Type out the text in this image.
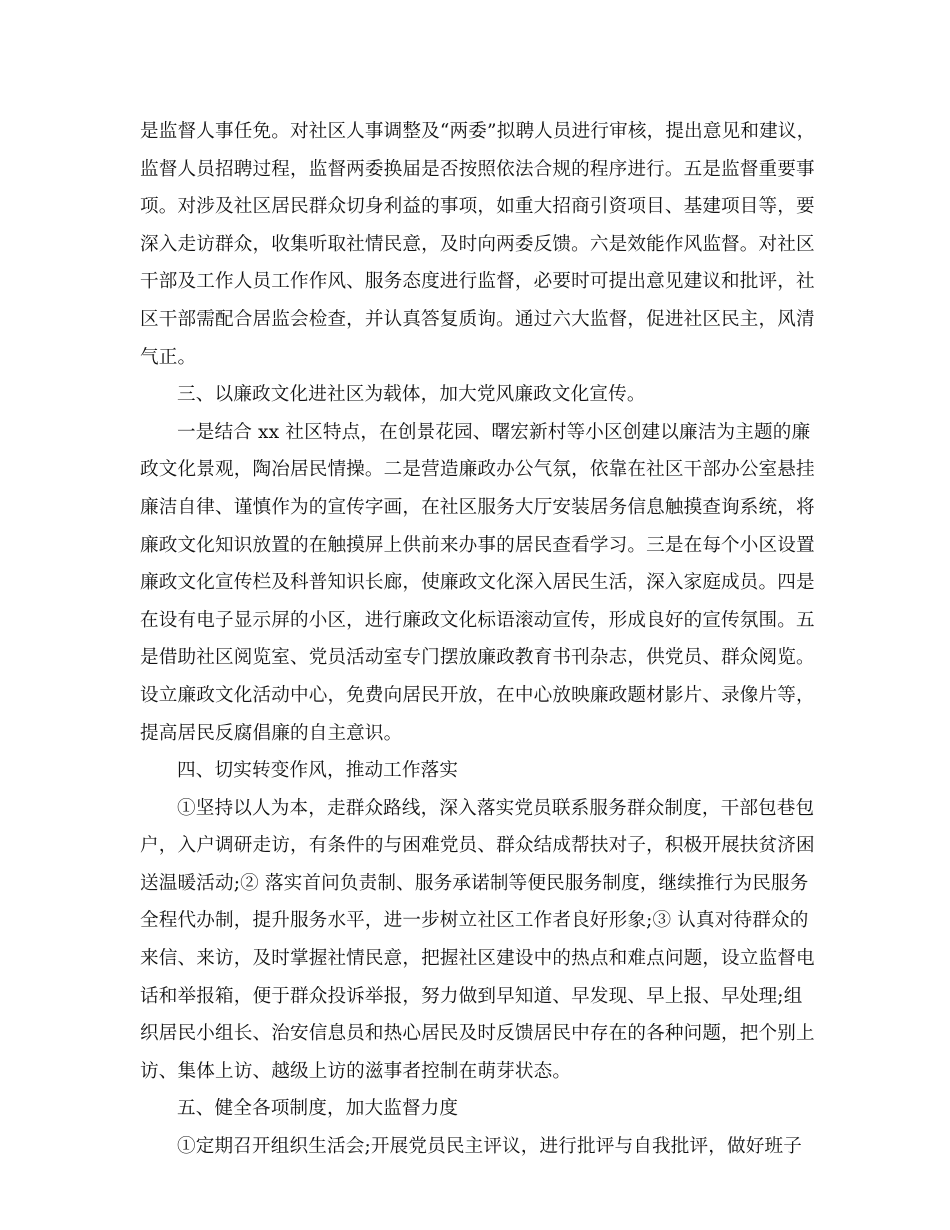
是监督人事任免。对社区人事调整及“两委”拟聘人员进行审核，提出意见和建议，
监督人员招聘过程，监督两委换届是否按照依法合规的程序进行。五是监督重要事
项。对涉及社区居民群众切身利益的事项，如重大招商引资项目、基建项目等，要
深入走访群众，收集听取社情民意，及时向两委反馈。六是效能作风监督。对社区
干部及工作人员工作作风、服务态度进行监督，必要时可提出意见建议和批评，社
区干部需配合居监会检查，并认真答复质询。通过六大监督，促进社区民主，风清
气正。
三、以廉政文化进社区为载体，加大党风廉政文化宣传。
一是结合 xx 社区特点，在创景花园、曙宏新村等小区创建以廉洁为主题的廉
政文化景观，陶冶居民情操。二是营造廉政办公气氛，依靠在社区干部办公室悬挂
廉洁自律、谨慎作为的宣传字画，在社区服务大厅安装居务信息触摸查询系统，将
廉政文化知识放置的在触摸屏上供前来办事的居民查看学习。三是在每个小区设置
廉政文化宣传栏及科普知识长廊，使廉政文化深入居民生活，深入家庭成员。四是
在设有电子显示屏的小区，进行廉政文化标语滚动宣传，形成良好的宣传氛围。五
是借助社区阅览室、党员活动室专门摆放廉政教育书刊杂志，供党员、群众阅览。
设立廉政文化活动中心，免费向居民开放，在中心放映廉政题材影片、录像片等，
提高居民反腐倡廉的自主意识。
四、切实转变作风，推动工作落实
①坚持以人为本，走群众路线，深入落实党员联系服务群众制度，干部包巷包
户，入户调研走访，有条件的与困难党员、群众结成帮扶对子，积极开展扶贫济困
送温暖活动;② 落实首问负责制、服务承诺制等便民服务制度，继续推行为民服务
全程代办制，提升服务水平，进一步树立社区工作者良好形象;③ 认真对待群众的
来信、来访，及时掌握社情民意，把握社区建设中的热点和难点问题，设立监督电
话和举报箱，便于群众投诉举报，努力做到早知道、早发现、早上报、早处理;组
织居民小组长、治安信息员和热心居民及时反馈居民中存在的各种问题，把个别上
访、集体上访、越级上访的滋事者控制在萌芽状态。
五、健全各项制度，加大监督力度
①定期召开组织生活会;开展党员民主评议，进行批评与自我批评，做好班子
